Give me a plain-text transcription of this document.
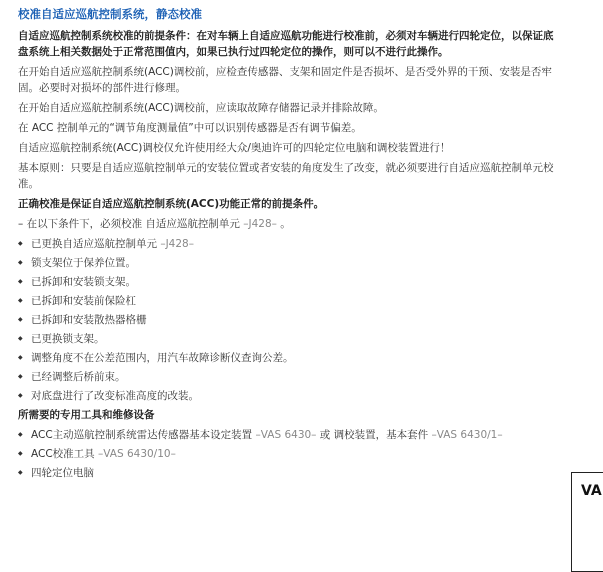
校准自适应巡航控制系统，静态校准
自适应巡航控制系统校准的前提条件：在对车辆上自适应巡航功能进行校准前，必须对车辆进行四轮定位，以保证底盘系统上相关数据处于正常范围值内，如果已执行过四轮定位的操作，则可以不进行此操作。
在开始自适应巡航控制系统(ACC)调校前，应检查传感器、支架和固定件是否损坏、是否受外界的干预、安装是否牢固。必要时对损坏的部件进行修理。
在开始自适应巡航控制系统(ACC)调校前，应读取故障存储器记录并排除故障。
在 ACC 控制单元的“调节角度测量值”中可以识别传感器是否有调节偏差。
自适应巡航控制系统(ACC)调校仅允许使用经大众/奥迪许可的四轮定位电脑和调校装置进行！
基本原则：只要是自适应巡航控制单元的安装位置或者安装的角度发生了改变，就必须要进行自适应巡航控制单元校准。
正确校准是保证自适应巡航控制系统(ACC)功能正常的前提条件。
– 在以下条件下，必须校准 自适应巡航控制单元 –J428– 。
◆ 已更换自适应巡航控制单元 –J428–
◆ 锁支架位于保养位置。
◆ 已拆卸和安装锁支架。
◆ 已拆卸和安装前保险杠
◆ 已拆卸和安装散热器格栅
◆ 已更换锁支架。
◆ 调整角度不在公差范围内，用汽车故障诊断仪查询公差。
◆ 已经调整后桥前束。
◆ 对底盘进行了改变标准高度的改装。
所需要的专用工具和维修设备
◆ ACC主动巡航控制系统雷达传感器基本设定装置 –VAS 6430– 或 调校装置，基本套件 –VAS 6430/1–
◆ ACC校准工具 –VAS 6430/10–
◆ 四轮定位电脑
VA
